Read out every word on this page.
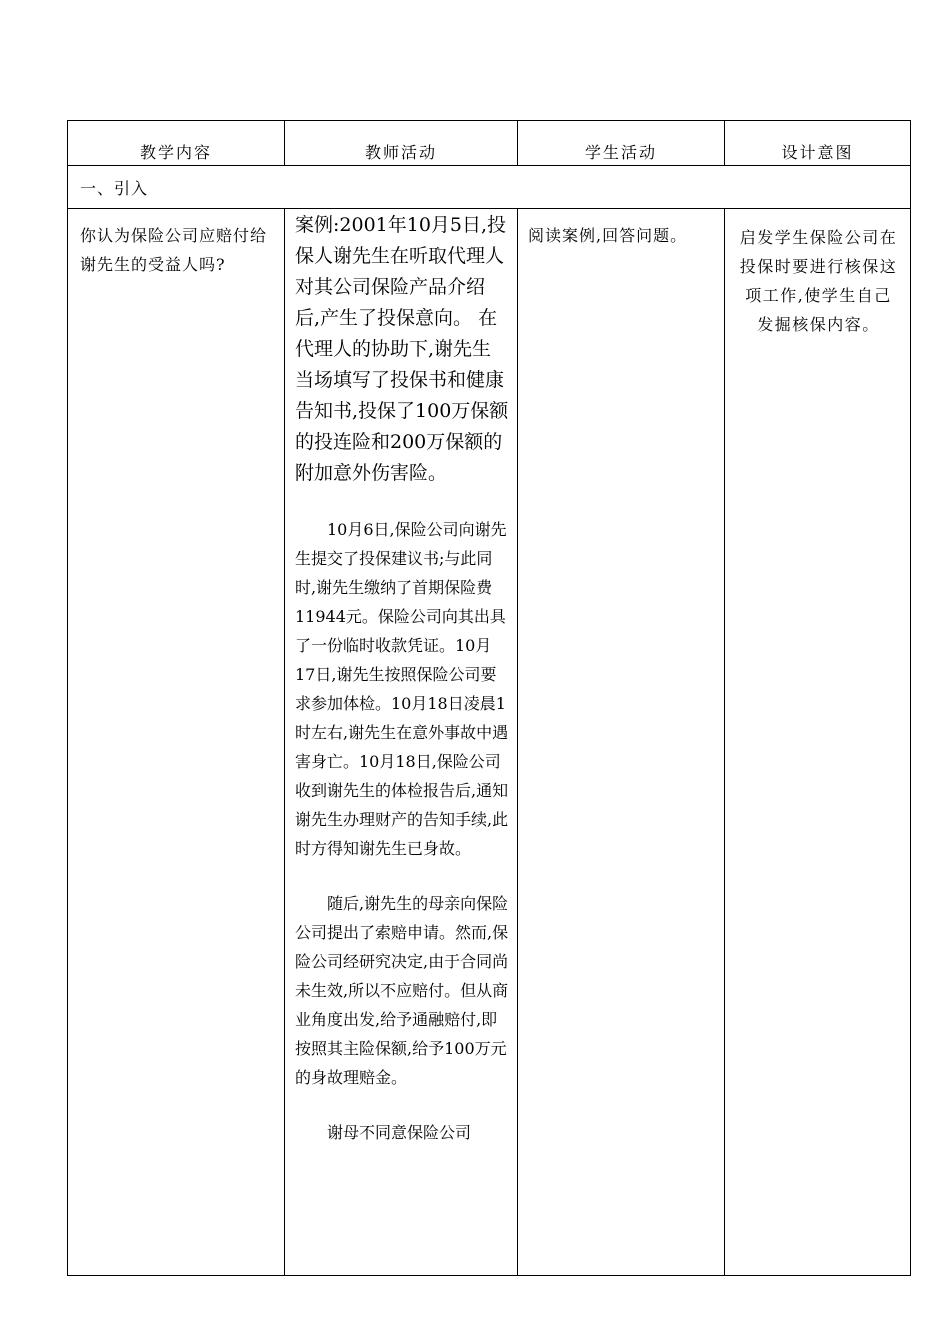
教学内容	教师活动	学生活动	设计意图
一、引入			

你认为保险公司应赔付给谢先生的受益人吗?	案例:2001年10月5日,投保人谢先生在听取代理人对其公司保险产品介绍后,产生了投保意向。 在代理人的协助下,谢先生当场填写了投保书和健康告知书,投保了100万保额的投连险和200万保额的附加意外伤害险。

10月6日,保险公司向谢先生提交了投保建议书;与此同时,谢先生缴纳了首期保险费11944元。保险公司向其出具了一份临时收款凭证。10月17日,谢先生按照保险公司要求参加体检。10月18日凌晨1时左右,谢先生在意外事故中遇害身亡。10月18日,保险公司收到谢先生的体检报告后,通知谢先生办理财产的告知手续,此时方得知谢先生已身故。

随后,谢先生的母亲向保险公司提出了索赔申请。然而,保险公司经研究决定,由于合同尚未生效,所以不应赔付。但从商业角度出发,给予通融赔付,即按照其主险保额,给予100万元的身故理赔金。

谢母不同意保险公司	阅读案例,回答问题。	启发学生保险公司在投保时要进行核保这项工作,使学生自己发掘核保内容。
